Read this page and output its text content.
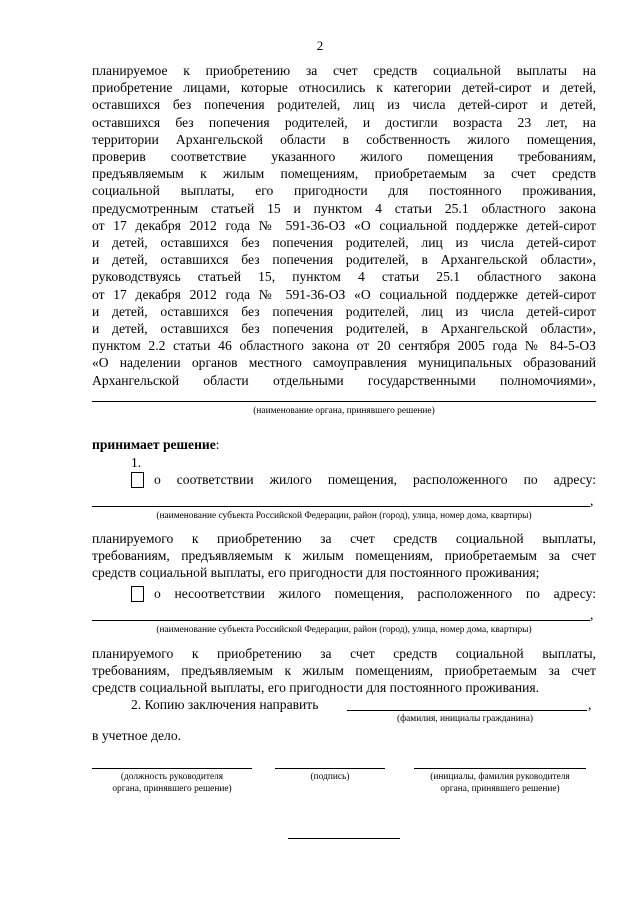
2
планируемое к приобретению за счет средств социальной выплаты на
приобретение лицами, которые относились к категории детей-сирот и детей,
оставшихся без попечения родителей, лиц из числа детей-сирот и детей,
оставшихся без попечения родителей, и достигли возраста 23 лет, на
территории Архангельской области в собственность жилого помещения,
проверив соответствие указанного жилого помещения требованиям,
предъявляемым к жилым помещениям, приобретаемым за счет средств
социальной выплаты, его пригодности для постоянного проживания,
предусмотренным статьей 15 и пунктом 4 статьи 25.1 областного закона
от 17 декабря 2012 года № 591-36-ОЗ «О социальной поддержке детей-сирот
и детей, оставшихся без попечения родителей, лиц из числа детей-сирот
и детей, оставшихся без попечения родителей, в Архангельской области»,
руководствуясь статьей 15, пунктом 4 статьи 25.1 областного закона
от 17 декабря 2012 года № 591-36-ОЗ «О социальной поддержке детей-сирот
и детей, оставшихся без попечения родителей, лиц из числа детей-сирот
и детей, оставшихся без попечения родителей, в Архангельской области»,
пунктом 2.2 статьи 46 областного закона от 20 сентября 2005 года № 84-5-ОЗ
«О наделении органов местного самоуправления муниципальных образований
Архангельской области отдельными государственными полномочиями»,
(наименование органа, принявшего решение)
принимает решение:
1.
о соответствии жилого помещения, расположенного по адресу:
,
(наименование субъекта Российской Федерации, район (город), улица, номер дома, квартиры)
планируемого к приобретению за счет средств социальной выплаты,
требованиям, предъявляемым к жилым помещениям, приобретаемым за счет
средств социальной выплаты, его пригодности для постоянного проживания;
о несоответствии жилого помещения, расположенного по адресу:
,
(наименование субъекта Российской Федерации, район (город), улица, номер дома, квартиры)
планируемого к приобретению за счет средств социальной выплаты,
требованиям, предъявляемым к жилым помещениям, приобретаемым за счет
средств социальной выплаты, его пригодности для постоянного проживания.
2. Копию заключения направить	,
(фамилия, инициалы гражданина)
в учетное дело.
(должность руководителя
органа, принявшего решение)
(подпись)	(инициалы, фамилия руководителя
органа, принявшего решение)
